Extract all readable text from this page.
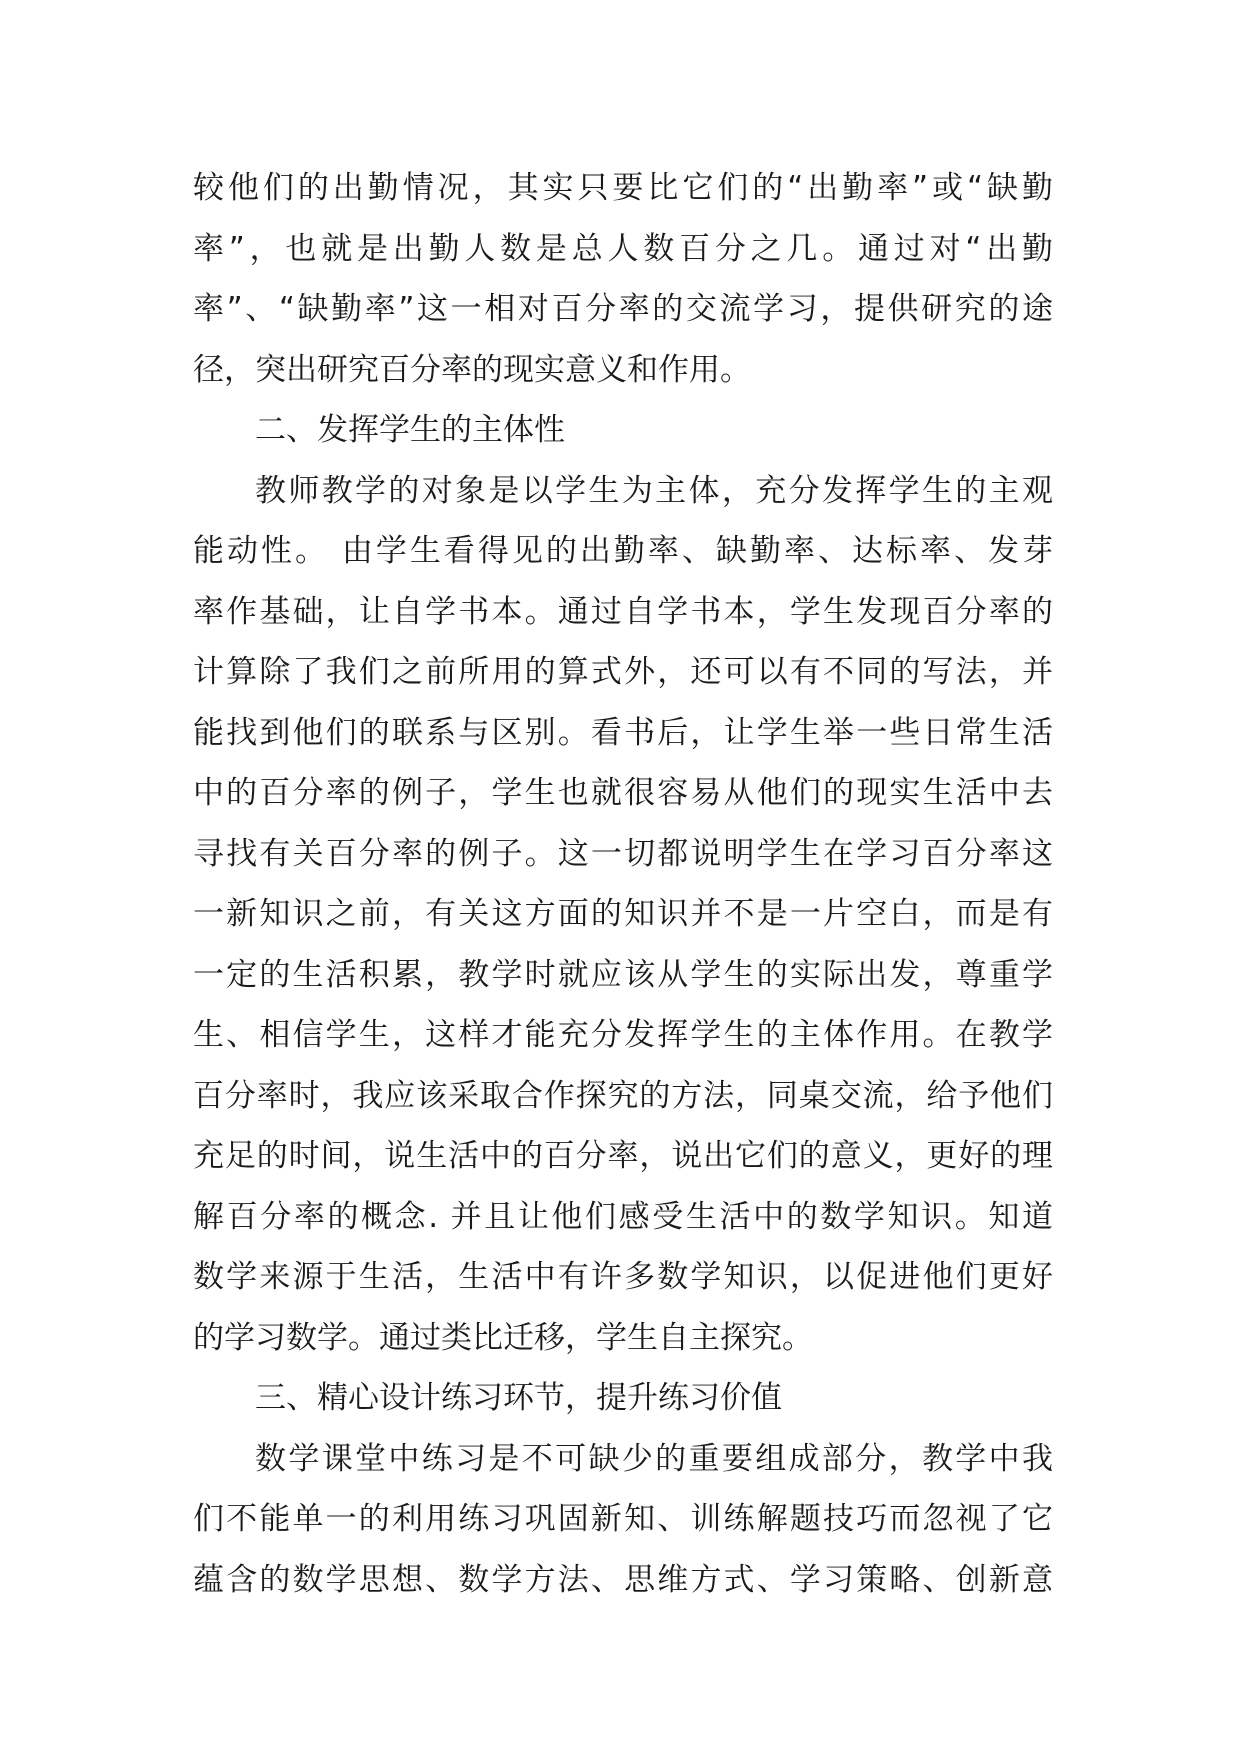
较他们的出勤情况，其实只要比它们的“出勤率”或“缺勤
率”，也就是出勤人数是总人数百分之几。通过对“出勤
率”、“缺勤率”这一相对百分率的交流学习，提供研究的途
径，突出研究百分率的现实意义和作用。
二、发挥学生的主体性
教师教学的对象是以学生为主体，充分发挥学生的主观
能动性。 由学生看得见的出勤率、缺勤率、达标率、发芽
率作基础，让自学书本。通过自学书本，学生发现百分率的
计算除了我们之前所用的算式外，还可以有不同的写法，并
能找到他们的联系与区别。看书后，让学生举一些日常生活
中的百分率的例子，学生也就很容易从他们的现实生活中去
寻找有关百分率的例子。这一切都说明学生在学习百分率这
一新知识之前，有关这方面的知识并不是一片空白，而是有
一定的生活积累，教学时就应该从学生的实际出发，尊重学
生、相信学生，这样才能充分发挥学生的主体作用。在教学
百分率时，我应该采取合作探究的方法，同桌交流，给予他们
充足的时间，说生活中的百分率，说出它们的意义，更好的理
解百分率的概念. 并且让他们感受生活中的数学知识。知道
数学来源于生活，生活中有许多数学知识，以促进他们更好
的学习数学。通过类比迁移，学生自主探究。
三、精心设计练习环节，提升练习价值
数学课堂中练习是不可缺少的重要组成部分，教学中我
们不能单一的利用练习巩固新知、训练解题技巧而忽视了它
蕴含的数学思想、数学方法、思维方式、学习策略、创新意
